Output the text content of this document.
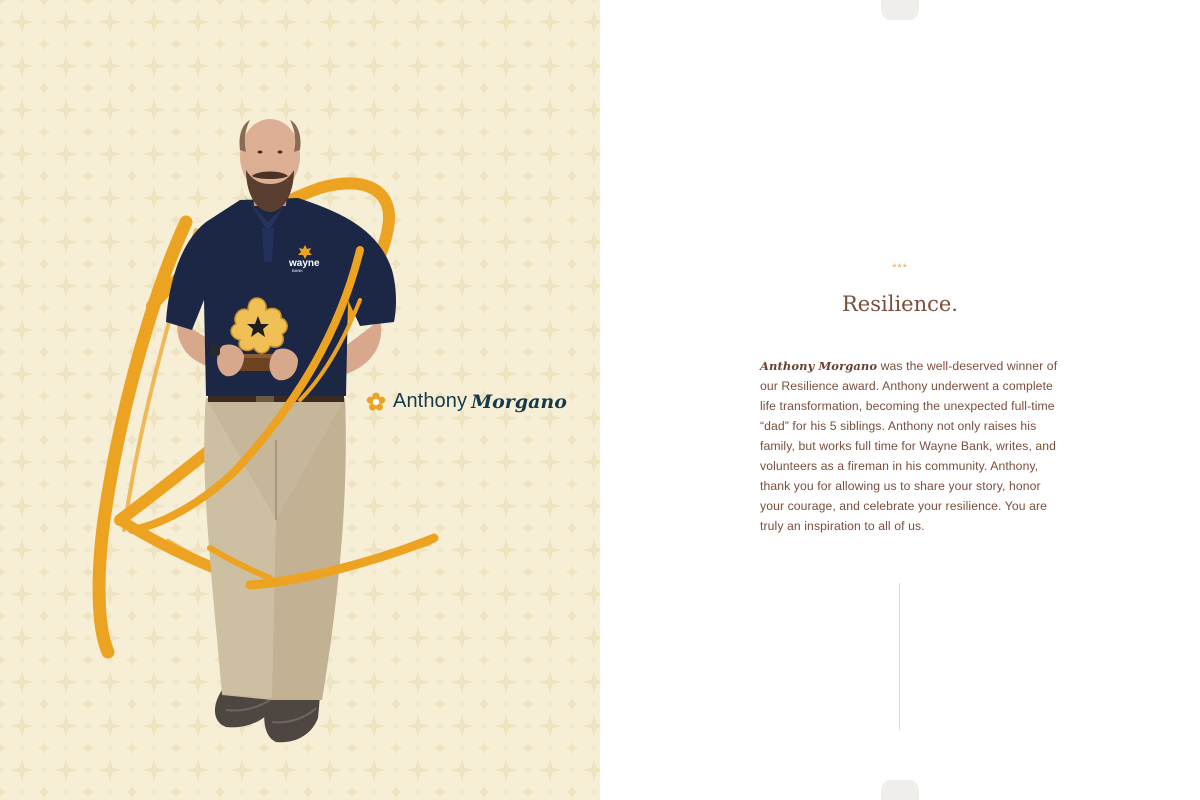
wayne
BANK
Anthony Morgano
***
Resilience.

Anthony Morgano was the well-deserved winner of our Resilience award. Anthony underwent a complete life transformation, becoming the unexpected full-time “dad” for his 5 siblings. Anthony not only raises his family, but works full time for Wayne Bank, writes, and volunteers as a fireman in his community. Anthony, thank you for allowing us to share your story, honor your courage, and celebrate your resilience. You are truly an inspiration to all of us.
